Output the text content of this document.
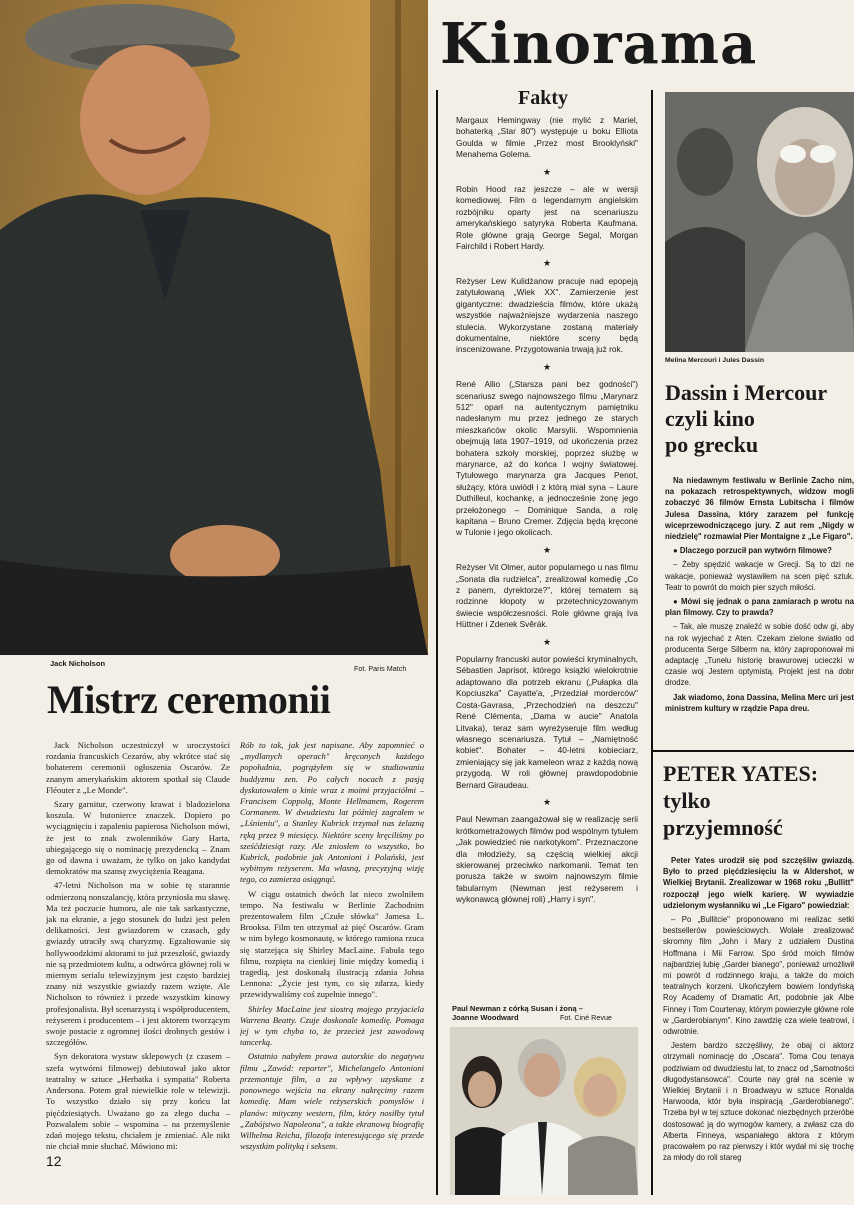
Jack Nicholson
Fot. Paris Match
Mistrz ceremonii

Jack Nicholson uczestniczył w uroczystości rozdania francuskich Cezarów, aby wkrótce stać się bohaterem ceremonii ogłoszenia Oscarów. Ze znanym amerykańskim aktorem spotkał się Claude Fléouter z „Le Monde".

Szary garnitur, czerwony krawat i bladozielona koszula. W butonierce znaczek. Dopiero po wyciągnięciu i zapaleniu papierosa Nicholson mówi, że jest to znak zwolenników Gary Harta, ubiegającego się o nominację prezydencką – Znam go od dawna i uważam, że tylko on jako kandydat demokratów ma szansę zwyciężenia Reagana.

47-letni Nicholson ma w sobie tę starannie odmierzoną nonszalancję, która przyniosła mu sławę. Ma też poczucie humoru, ale nie tak sarkastyczne, jak na ekranie, a jego stosunek do ludzi jest pełen delikatności. Jest gwiazdorem w czasach, gdy gwiazdy utraciły swą charyzmę. Egzaltowanie się hollywoodzkimi aktorami to już przeszłość, gwiazdy nie są przedmiotem kultu, a odtwórca głównej roli w miernym serialu telewizyjnym jest często bardziej znany niż wszystkie gwiazdy razem wzięte. Ale Nicholson to również i przede wszystkim kinowy profesjonalista. Był scenarzystą i współproducentem, reżyserem i producentem – i jest aktorem tworzącym swoje postacie z ogromnej ilości drobnych gestów i szczegółów.

Syn dekoratora wystaw sklepowych (z czasem – szefa wytwórni filmowej) debiutował jako aktor teatralny w sztuce „Herbatka i sympatia" Roberta Andersona. Potem grał niewielkie role w telewizji. To wszystko działo się przy końcu lat pięćdziesiątych. Uważano go za złego ducha – Pozwalałem sobie – wspomina – na przemyślenie zdań mojego tekstu, chciałem je zmieniać. Ale nikt nie chciał mnie słuchać. Mówiono mi:

Rób to tak, jak jest napisane. Aby zapomnieć o „mydlanych operach" kręconych każdego popołudnia, pogrążyłem się w studiowaniu buddyzmu zen. Po całych nocach z pasją dyskutowałem o kinie wraz z moimi przyjaciółmi – Francisem Coppolą, Monte Hellmanem, Rogerem Cormanem. W dwudziestu lat później zagrałem w „Lśnieniu", a Stanley Kubrick trzymał nas żelazną ręką przez 9 miesięcy. Niektóre sceny kręciliśmy po sześćdziesiąt razy. Ale zniosłem to wszystko, bo Kubrick, podobnie jak Antonioni i Polański, jest wybitnym reżyserem. Ma własną, precyzyjną wizję tego, co zamierza osiągnąć.

W ciągu ostatnich dwóch lat nieco zwolniłem tempo. Na festiwalu w Berlinie Zachodnim prezentowałem film „Czułe słówka" Jamesa L. Brooksa. Film ten otrzymał aż pięć Oscarów. Gram w nim byłego kosmonautę, w którego ramiona rzuca się starzejąca się Shirley MacLaine. Fabuła tego filmu, rozpięta na cienkiej linie między komedią i tragedią, jest doskonałą ilustracją zdania Johna Lennona: „Życie jest tym, co się zdarza, kiedy przewidywaliśmy coś zupełnie innego".

Shirley MacLaine jest siostrą mojego przyjaciela Warrena Beatty. Czuje doskonale komedię. Pomaga jej w tym chyba to, że przecież jest zawodową tancerką.

Ostatnio nabyłem prawa autorskie do negatywu filmu „Zawód: reporter", Michelangelo Antonioni przemontuje film, a za wpływy uzyskane z ponownego wejścia na ekrany nakręcimy razem komedię. Mam wiele reżyserskich pomysłów i planów: mityczny western, film, który nosiłby tytuł „Zabójstwo Napoleona", a także ekranową biografię Wilhelma Reicha, filozofa interesującego się przede wszystkim polityką i seksem.

12
Kinorama
Fakty
Margaux Hemingway (nie mylić z Mariel, bohaterką „Star 80") występuje u boku Elliota Goulda w filmie „Przez most Brooklyński" Menahema Golema.
★
Robin Hood raz jeszcze – ale w wersji komediowej. Film o legendarnym angielskim rozbójniku oparty jest na scenariuszu amerykańskiego satyryka Roberta Kaufmana. Role główne grają George Segal, Morgan Fairchild i Robert Hardy.
★
Reżyser Lew Kulidżanow pracuje nad epopeją zatytułowaną „Wiek XX". Zamierzenie jest gigantyczne: dwadzieścia filmów, które ukażą wszystkie najważniejsze wydarzenia naszego stulecia. Wykorzystane zostaną materiały dokumentalne, niektóre sceny będą inscenizowane. Przygotowania trwają już rok.
★
René Allio („Starsza pani bez godności") scenariusz swego najnowszego filmu „Marynarz 512" oparł na autentycznym pamiętniku nadesłanym mu przez jednego ze starych mieszkańców okolic Marsylii. Wspomnienia obejmują lata 1907–1919, od ukończenia przez bohatera szkoły morskiej, poprzez służbę w marynarce, aż do końca I wojny światowej. Tytułowego marynarza gra Jacques Penot, służący, która uwiódł i z którą miał syna – Laure Duthilleul, kochankę, a jednocześnie żonę jego przełożonego – Dominique Sanda, a rolę kapitana – Bruno Cremer. Zdjęcia będą kręcone w Tulonie i jego okolicach.
★
Reżyser Vit Olmer, autor popularnego u nas filmu „Sonata dla rudzielca", zrealizował komedię „Co z panem, dyrektorze?", której tematem są rodzinne kłopoty w przetechnicyzowanym świecie współczesności. Role główne grają Iva Hüttner i Zdenek Svěrák.
★
Popularny francuski autor powieści kryminalnych, Sébastien Japrisot, którego książki wielokrotnie adaptowano dla potrzeb ekranu („Pułapka dla Kopciuszka" Cayatte'a, „Przedział morderców" Costa-Gavrasa, „Przechodzień na deszczu" René Clémenta, „Dama w aucie" Anatola Litvaka), teraz sam wyreżyseruje film według własnego scenariusza. Tytuł – „Namiętność kobiet". Bohater – 40-letni kobieciarz, zmieniający się jak kameleon wraz z każdą nową przygodą. W roli głównej prawdopodobnie Bernard Giraudeau.
★
Paul Newman zaangażował się w realizację serii krótkometrażowych filmów pod wspólnym tytułem „Jak powiedzieć nie narkotykom". Przeznaczone dla młodzieży, są częścią wielkiej akcji skierowanej przeciwko narkomanii. Temat ten porusza także w swoim najnowszym filmie fabularnym (Newman jest reżyserem i wykonawcą głównej roli) „Harry i syn".
Paul Newman z córką Susan i żoną – Joanne Woodward	Fot. Ciné Revue
Melina Mercouri i Jules Dassin
Dassin i Mercour
czyli kino
po grecku

Na niedawnym festiwalu w Berlinie Zacho nim, na pokazach retrospektywnych, widzow mogli zobaczyć 36 filmów Ernsta Lubitscha i filmów Julesa Dassina, który zarazem peł funkcję wiceprzewodniczącego jury. Z aut rem „Nigdy w niedzielę" rozmawiał Pier Montaigne z „Le Figaro".

● Dlaczego porzucił pan wytwórn filmowe?

– Żeby spędzić wakacje w Grecji. Są to dzi ne wakacje, ponieważ wystawiłem na scen pięć sztuk. Teatr to powrót do moich pier szych miłości.

● Mówi się jednak o pana zamiarach p wrotu na plan filmowy. Czy to prawda?

– Tak, ale muszę znaleźć w sobie dość odw gi, aby na rok wyjechać z Aten. Czekam zielone światło od producenta Serge Silberm na, który zaproponował mi adaptację „Tunelu historię brawurowej ucieczki w czasie woj Jestem optymistą. Projekt jest na dobr drodze.

Jak wiadomo, żona Dassina, Melina Merc uri jest ministrem kultury w rządzie Papa dreu.

PETER YATES:
tylko
przyjemność

Peter Yates urodził się pod szczęśliw gwiazdą. Było to przed pięćdziesięciu la w Aldershot, w Wielkiej Brytanii. Zrealizowar w 1968 roku „Bullitt" rozpoczął jego wielk karierę. W wywiadzie udzielonym wysłanniku wi „Le Figaro" powiedział:

– Po „Bullitcie" proponowano mi realizac setki bestsellerów powieściowych. Wolałe zrealizować skromny film „John i Mary z udziałem Dustina Hoffmana i Mii Farrow. Spo śród moich filmów najbardziej lubię „Garder bianego", ponieważ umożliwił mi powrót d rodzinnego kraju, a także do moich teatralnych korzeni. Ukończyłem bowiem londyńską Roy Academy of Dramatic Art, podobnie jak Albe Finney i Tom Courtenay, którym powierzyłe główne role w „Garderobianym". Kino zawdzię cza wiele teatrowi, i odwrotnie.

Jestem bardzo szczęśliwy, że obaj ci aktorz otrzymali nominację do „Oscara". Toma Cou tenaya podziwiam od dwudziestu lat, to znacz od „Samotności długodystansowca". Courte nay grał na scenie w Wielkiej Brytanii i n Broadwayu w sztuce Ronalda Harwooda, któr była inspiracją „Garderobianego". Trzeba był w tej sztuce dokonać niezbędnych przeróbe dostosować ją do wymogów kamery, a zwłasz cza do Alberta Finneya, wspaniałego aktora z którym pracowałem po raz pierwszy i któr wydał mi się trochę za młody do roli stareg
